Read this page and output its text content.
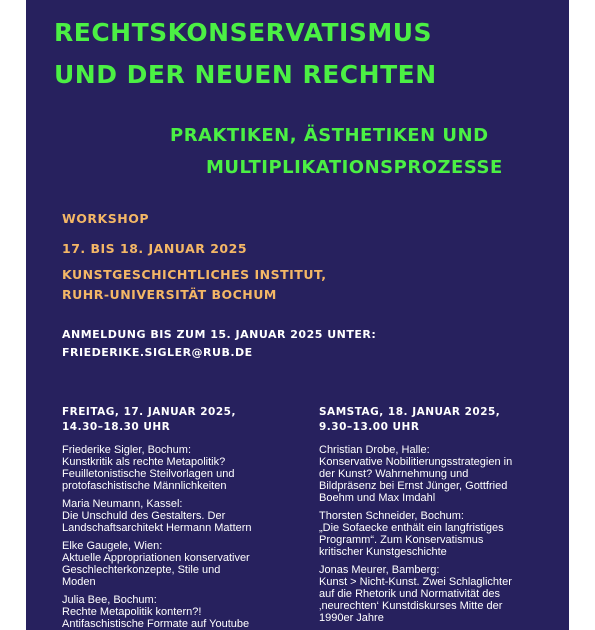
RECHTSKONSERVATISMUS
UND DER NEUEN RECHTEN
PRAKTIKEN, ÄSTHETIKEN UND
MULTIPLIKATIONSPROZESSE
WORKSHOP
17. BIS 18. JANUAR 2025
KUNSTGESCHICHTLICHES INSTITUT,
RUHR-UNIVERSITÄT BOCHUM
ANMELDUNG BIS ZUM 15. JANUAR 2025 UNTER:
FRIEDERIKE.SIGLER@RUB.DE
FREITAG, 17. JANUAR 2025,
14.30–18.30 UHR
Friederike Sigler, Bochum:
Kunstkritik als rechte Metapolitik?
Feuilletonistische Steilvorlagen und
protofaschistische Männlichkeiten
Maria Neumann, Kassel:
Die Unschuld des Gestalters. Der
Landschaftsarchitekt Hermann Mattern
Elke Gaugele, Wien:
Aktuelle Appropriationen konservativer
Geschlechterkonzepte, Stile und
Moden
Julia Bee, Bochum:
Rechte Metapolitik kontern?!
Antifaschistische Formate auf Youtube
SAMSTAG, 18. JANUAR 2025,
9.30–13.00 UHR
Christian Drobe, Halle:
Konservative Nobilitierungsstrategien in
der Kunst? Wahrnehmung und
Bildpräsenz bei Ernst Jünger, Gottfried
Boehm und Max Imdahl
Thorsten Schneider, Bochum:
„Die Sofaecke enthält ein langfristiges
Programm“. Zum Konservatismus
kritischer Kunstgeschichte
Jonas Meurer, Bamberg:
Kunst > Nicht-Kunst. Zwei Schlaglichter
auf die Rhetorik und Normativität des
‚neurechten‘ Kunstdiskurses Mitte der
1990er Jahre
